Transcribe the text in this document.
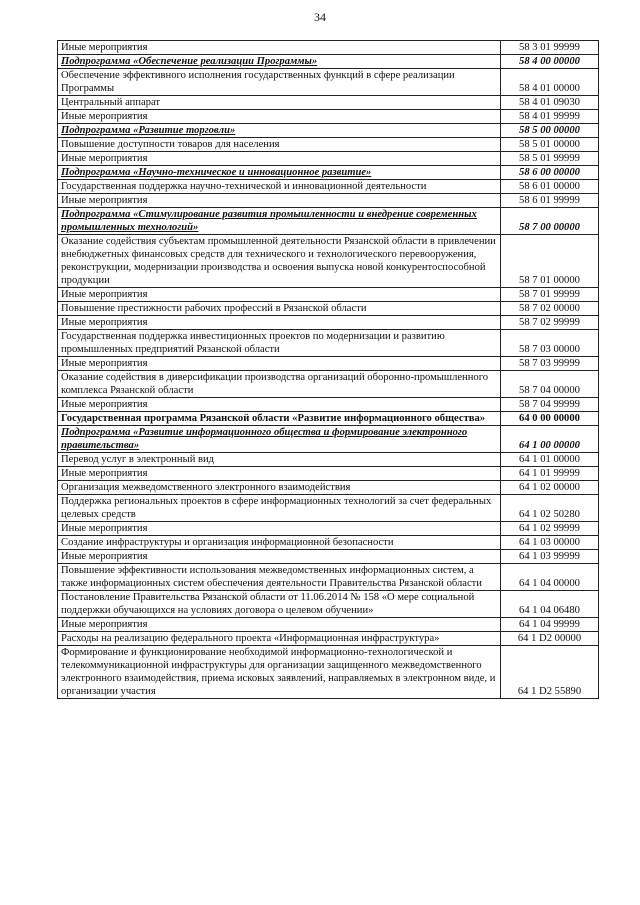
34
Иные мероприятия	58 3 01 99999
Подпрограмма «Обеспечение реализации Программы»	58 4 00 00000
Обеспечение эффективного исполнения государственных функций в сфере реализации Программы	58 4 01 00000
Центральный аппарат	58 4 01 09030
Иные мероприятия	58 4 01 99999
Подпрограмма «Развитие торговли»	58 5 00 00000
Повышение доступности товаров для населения	58 5 01 00000
Иные мероприятия	58 5 01 99999
Подпрограмма «Научно-техническое и инновационное развитие»	58 6 00 00000
Государственная поддержка научно-технической и инновационной деятельности	58 6 01 00000
Иные мероприятия	58 6 01 99999
Подпрограмма «Стимулирование развития промышленности и внедрение современных промышленных технологий»	58 7 00 00000
Оказание содействия субъектам промышленной деятельности Рязанской области в привлечении внебюджетных финансовых средств для технического и технологического перевооружения, реконструкции, модернизации производства и освоения выпуска новой конкурентоспособной продукции	58 7 01 00000
Иные мероприятия	58 7 01 99999
Повышение престижности рабочих профессий в Рязанской области	58 7 02 00000
Иные мероприятия	58 7 02 99999
Государственная поддержка инвестиционных проектов по модернизации и развитию промышленных предприятий Рязанской области	58 7 03 00000
Иные мероприятия	58 7 03 99999
Оказание содействия в диверсификации производства организаций оборонно-промышленного комплекса Рязанской области	58 7 04 00000
Иные мероприятия	58 7 04 99999
Государственная программа Рязанской области «Развитие информационного общества»	64 0 00 00000
Подпрограмма «Развитие информационного общества и формирование электронного правительства»	64 1 00 00000
Перевод услуг в электронный вид	64 1 01 00000
Иные мероприятия	64 1 01 99999
Организация межведомственного электронного взаимодействия	64 1 02 00000
Поддержка региональных проектов в сфере информационных технологий за счет федеральных целевых средств	64 1 02 50280
Иные мероприятия	64 1 02 99999
Создание инфраструктуры и организация информационной безопасности	64 1 03 00000
Иные мероприятия	64 1 03 99999
Повышение эффективности использования межведомственных информационных систем, а также информационных систем обеспечения деятельности Правительства Рязанской области	64 1 04 00000
Постановление Правительства Рязанской области от 11.06.2014 № 158 «О мере социальной поддержки обучающихся на условиях договора о целевом обучении»	64 1 04 06480
Иные мероприятия	64 1 04 99999
Расходы на реализацию федерального проекта «Информационная инфраструктура»	64 1 D2 00000
Формирование и функционирование необходимой информационно-технологической и телекоммуникационной инфраструктуры для организации защищенного межведомственного электронного взаимодействия, приема исковых заявлений, направляемых в электронном виде, и организации участия	64 1 D2 55890
